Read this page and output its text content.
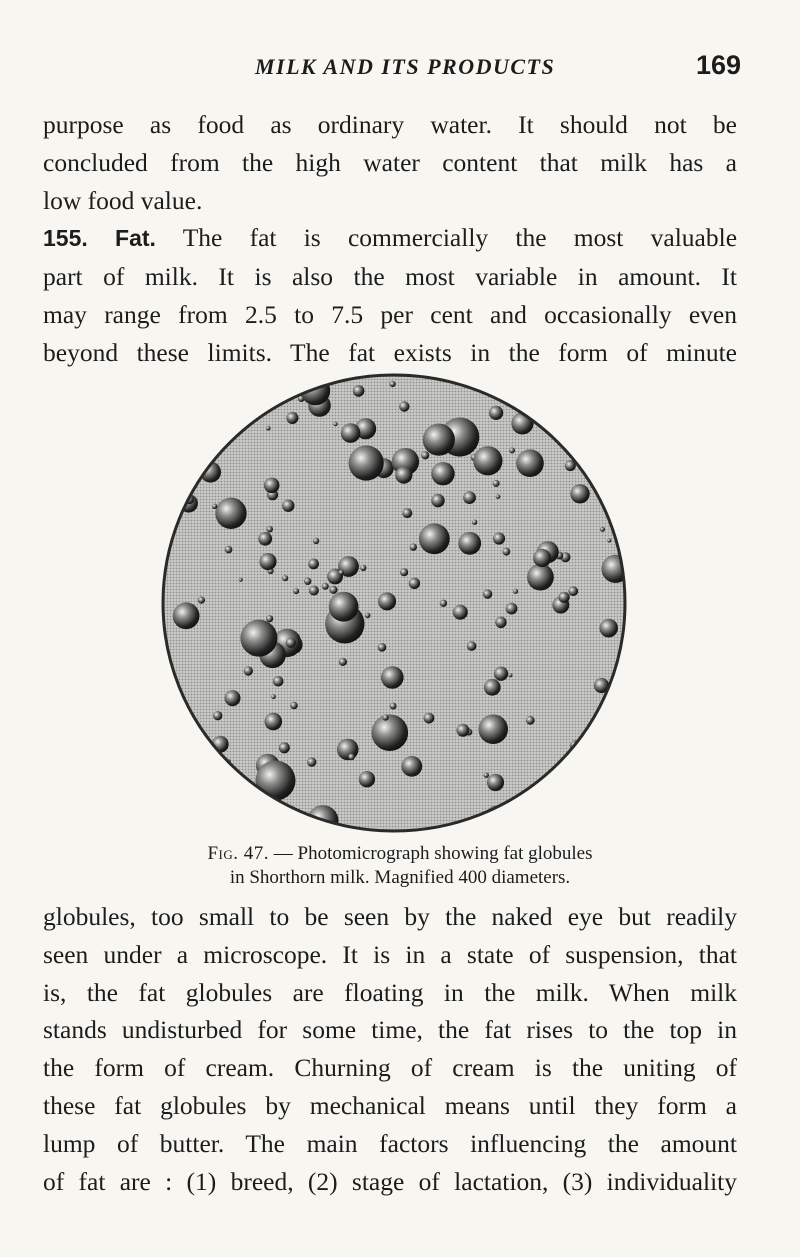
MILK AND ITS PRODUCTS	169
purpose as food as ordinary water. It should not be
concluded from the high water content that milk has a
low food value.
155. Fat. The fat is commercially the most valuable
part of milk. It is also the most variable in amount. It
may range from 2.5 to 7.5 per cent and occasionally even
beyond these limits. The fat exists in the form of minute
Fig. 47. — Photomicrograph showing fat globules
in Shorthorn milk. Magnified 400 diameters.
globules, too small to be seen by the naked eye but readily
seen under a microscope. It is in a state of suspension, that
is, the fat globules are floating in the milk. When milk
stands undisturbed for some time, the fat rises to the top in
the form of cream. Churning of cream is the uniting of
these fat globules by mechanical means until they form a
lump of butter. The main factors influencing the amount
of fat are : (1) breed, (2) stage of lactation, (3) individuality
